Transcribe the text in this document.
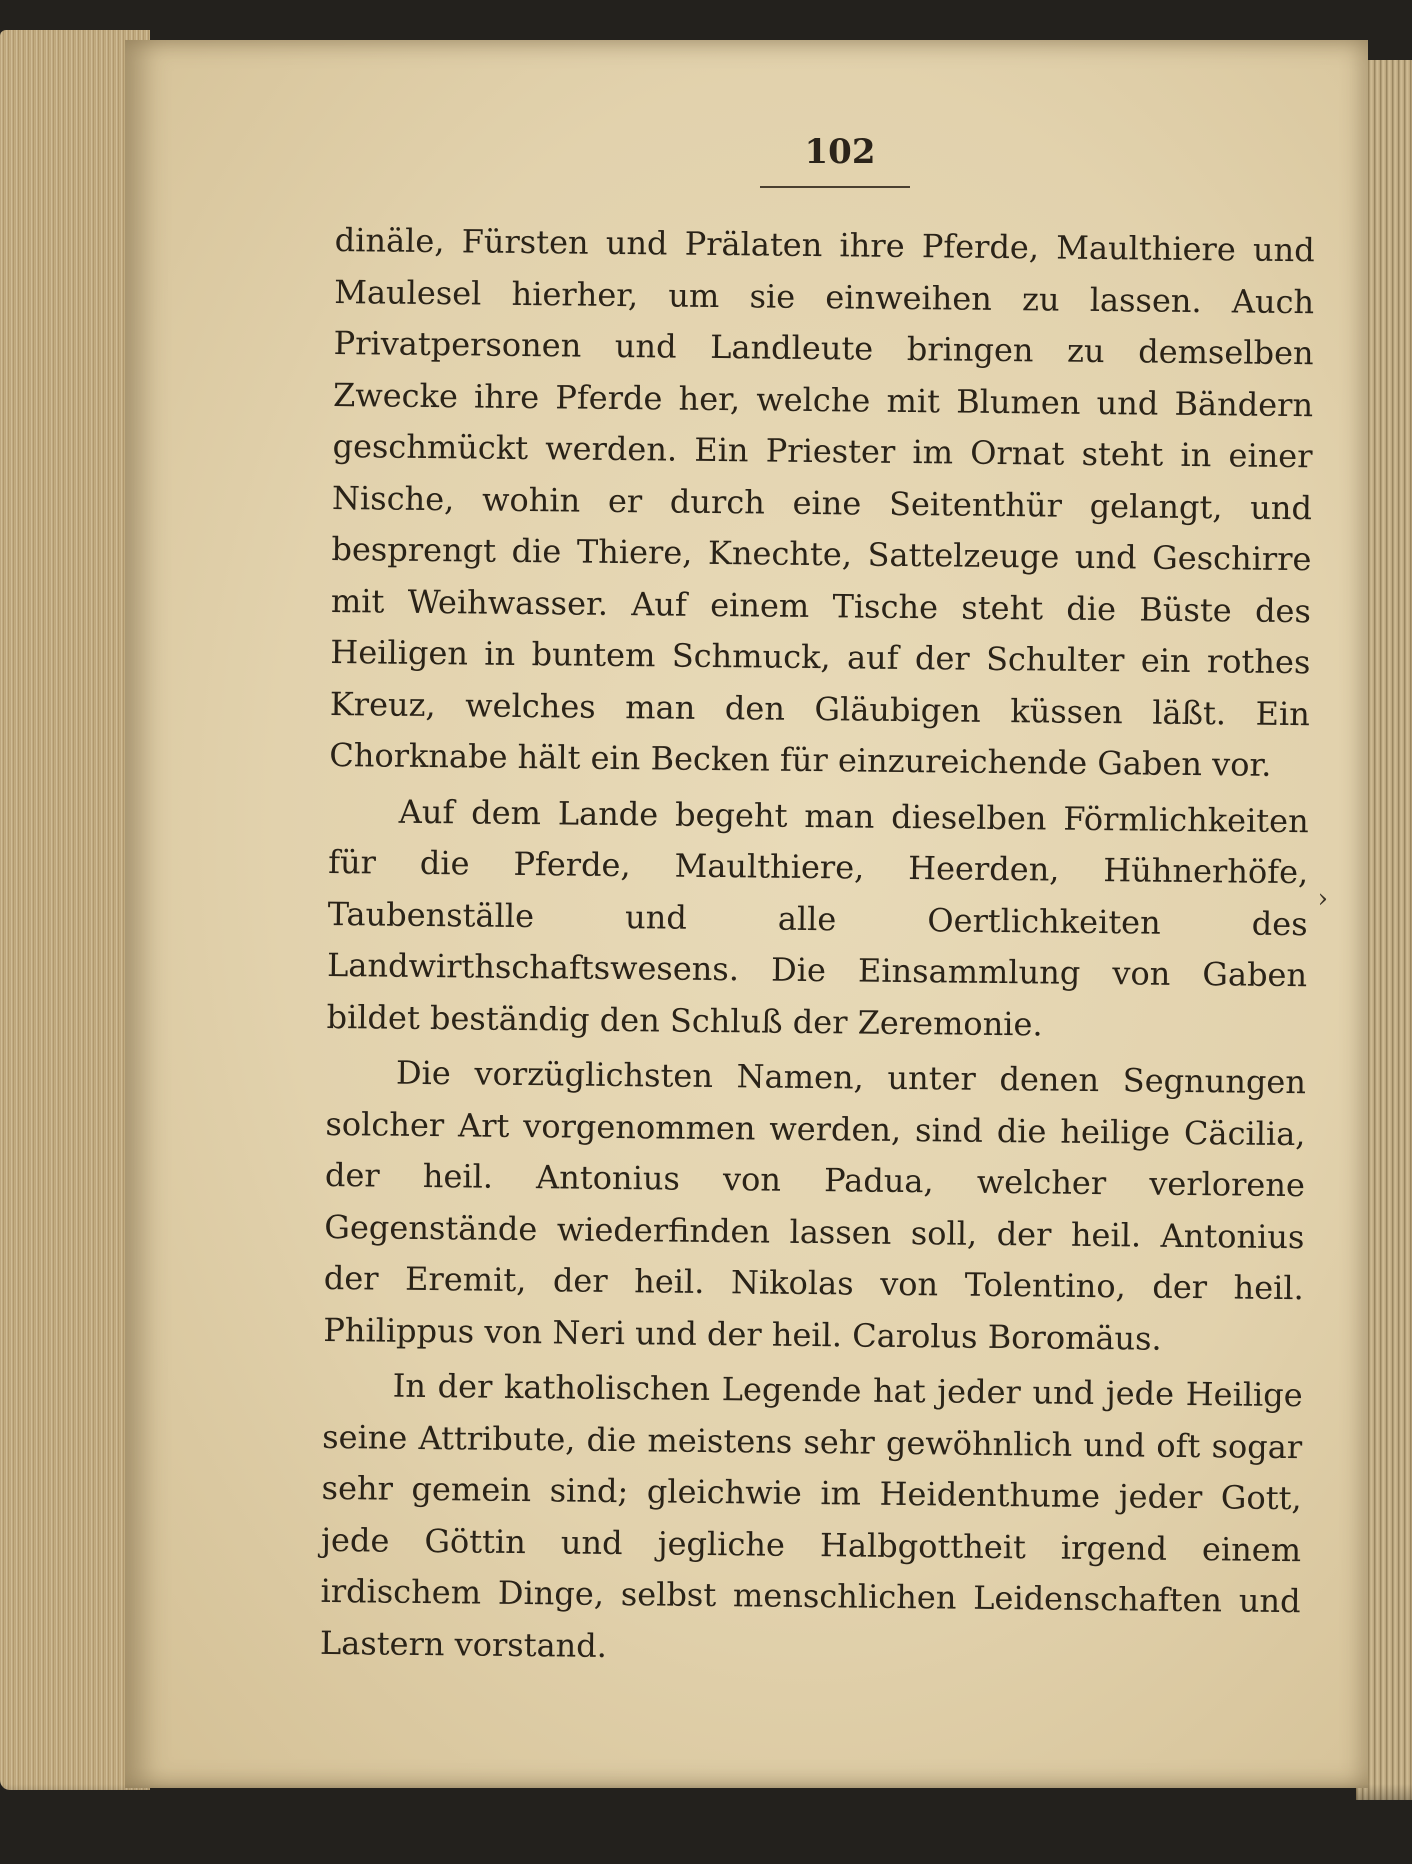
102

dinäle, Fürsten und Prälaten ihre Pferde, Maulthiere und Maulesel hierher, um sie einweihen zu lassen. Auch Privatpersonen und Landleute bringen zu demselben Zwecke ihre Pferde her, welche mit Blumen und Bändern geschmückt werden. Ein Priester im Ornat steht in einer Nische, wohin er durch eine Seitenthür gelangt, und besprengt die Thiere, Knechte, Sattelzeuge und Geschirre mit Weihwasser. Auf einem Tische steht die Büste des Heiligen in buntem Schmuck, auf der Schulter ein rothes Kreuz, welches man den Gläubigen küssen läßt. Ein Chorknabe hält ein Becken für einzureichende Gaben vor.

Auf dem Lande begeht man dieselben Förmlichkeiten für die Pferde, Maulthiere, Heerden, Hühnerhöfe, Taubenställe und alle Oertlichkeiten des Landwirthschaftswesens. Die Einsammlung von Gaben bildet beständig den Schluß der Zeremonie.

Die vorzüglichsten Namen, unter denen Segnungen solcher Art vorgenommen werden, sind die heilige Cäcilia, der heil. Antonius von Padua, welcher verlorene Gegenstände wiederfinden lassen soll, der heil. Antonius der Eremit, der heil. Nikolas von Tolentino, der heil. Philippus von Neri und der heil. Carolus Boromäus.

In der katholischen Legende hat jeder und jede Heilige seine Attribute, die meistens sehr gewöhnlich und oft sogar sehr gemein sind; gleichwie im Heidenthume jeder Gott, jede Göttin und jegliche Halbgottheit irgend einem irdischem Dinge, selbst menschlichen Leidenschaften und Lastern vorstand.

›
